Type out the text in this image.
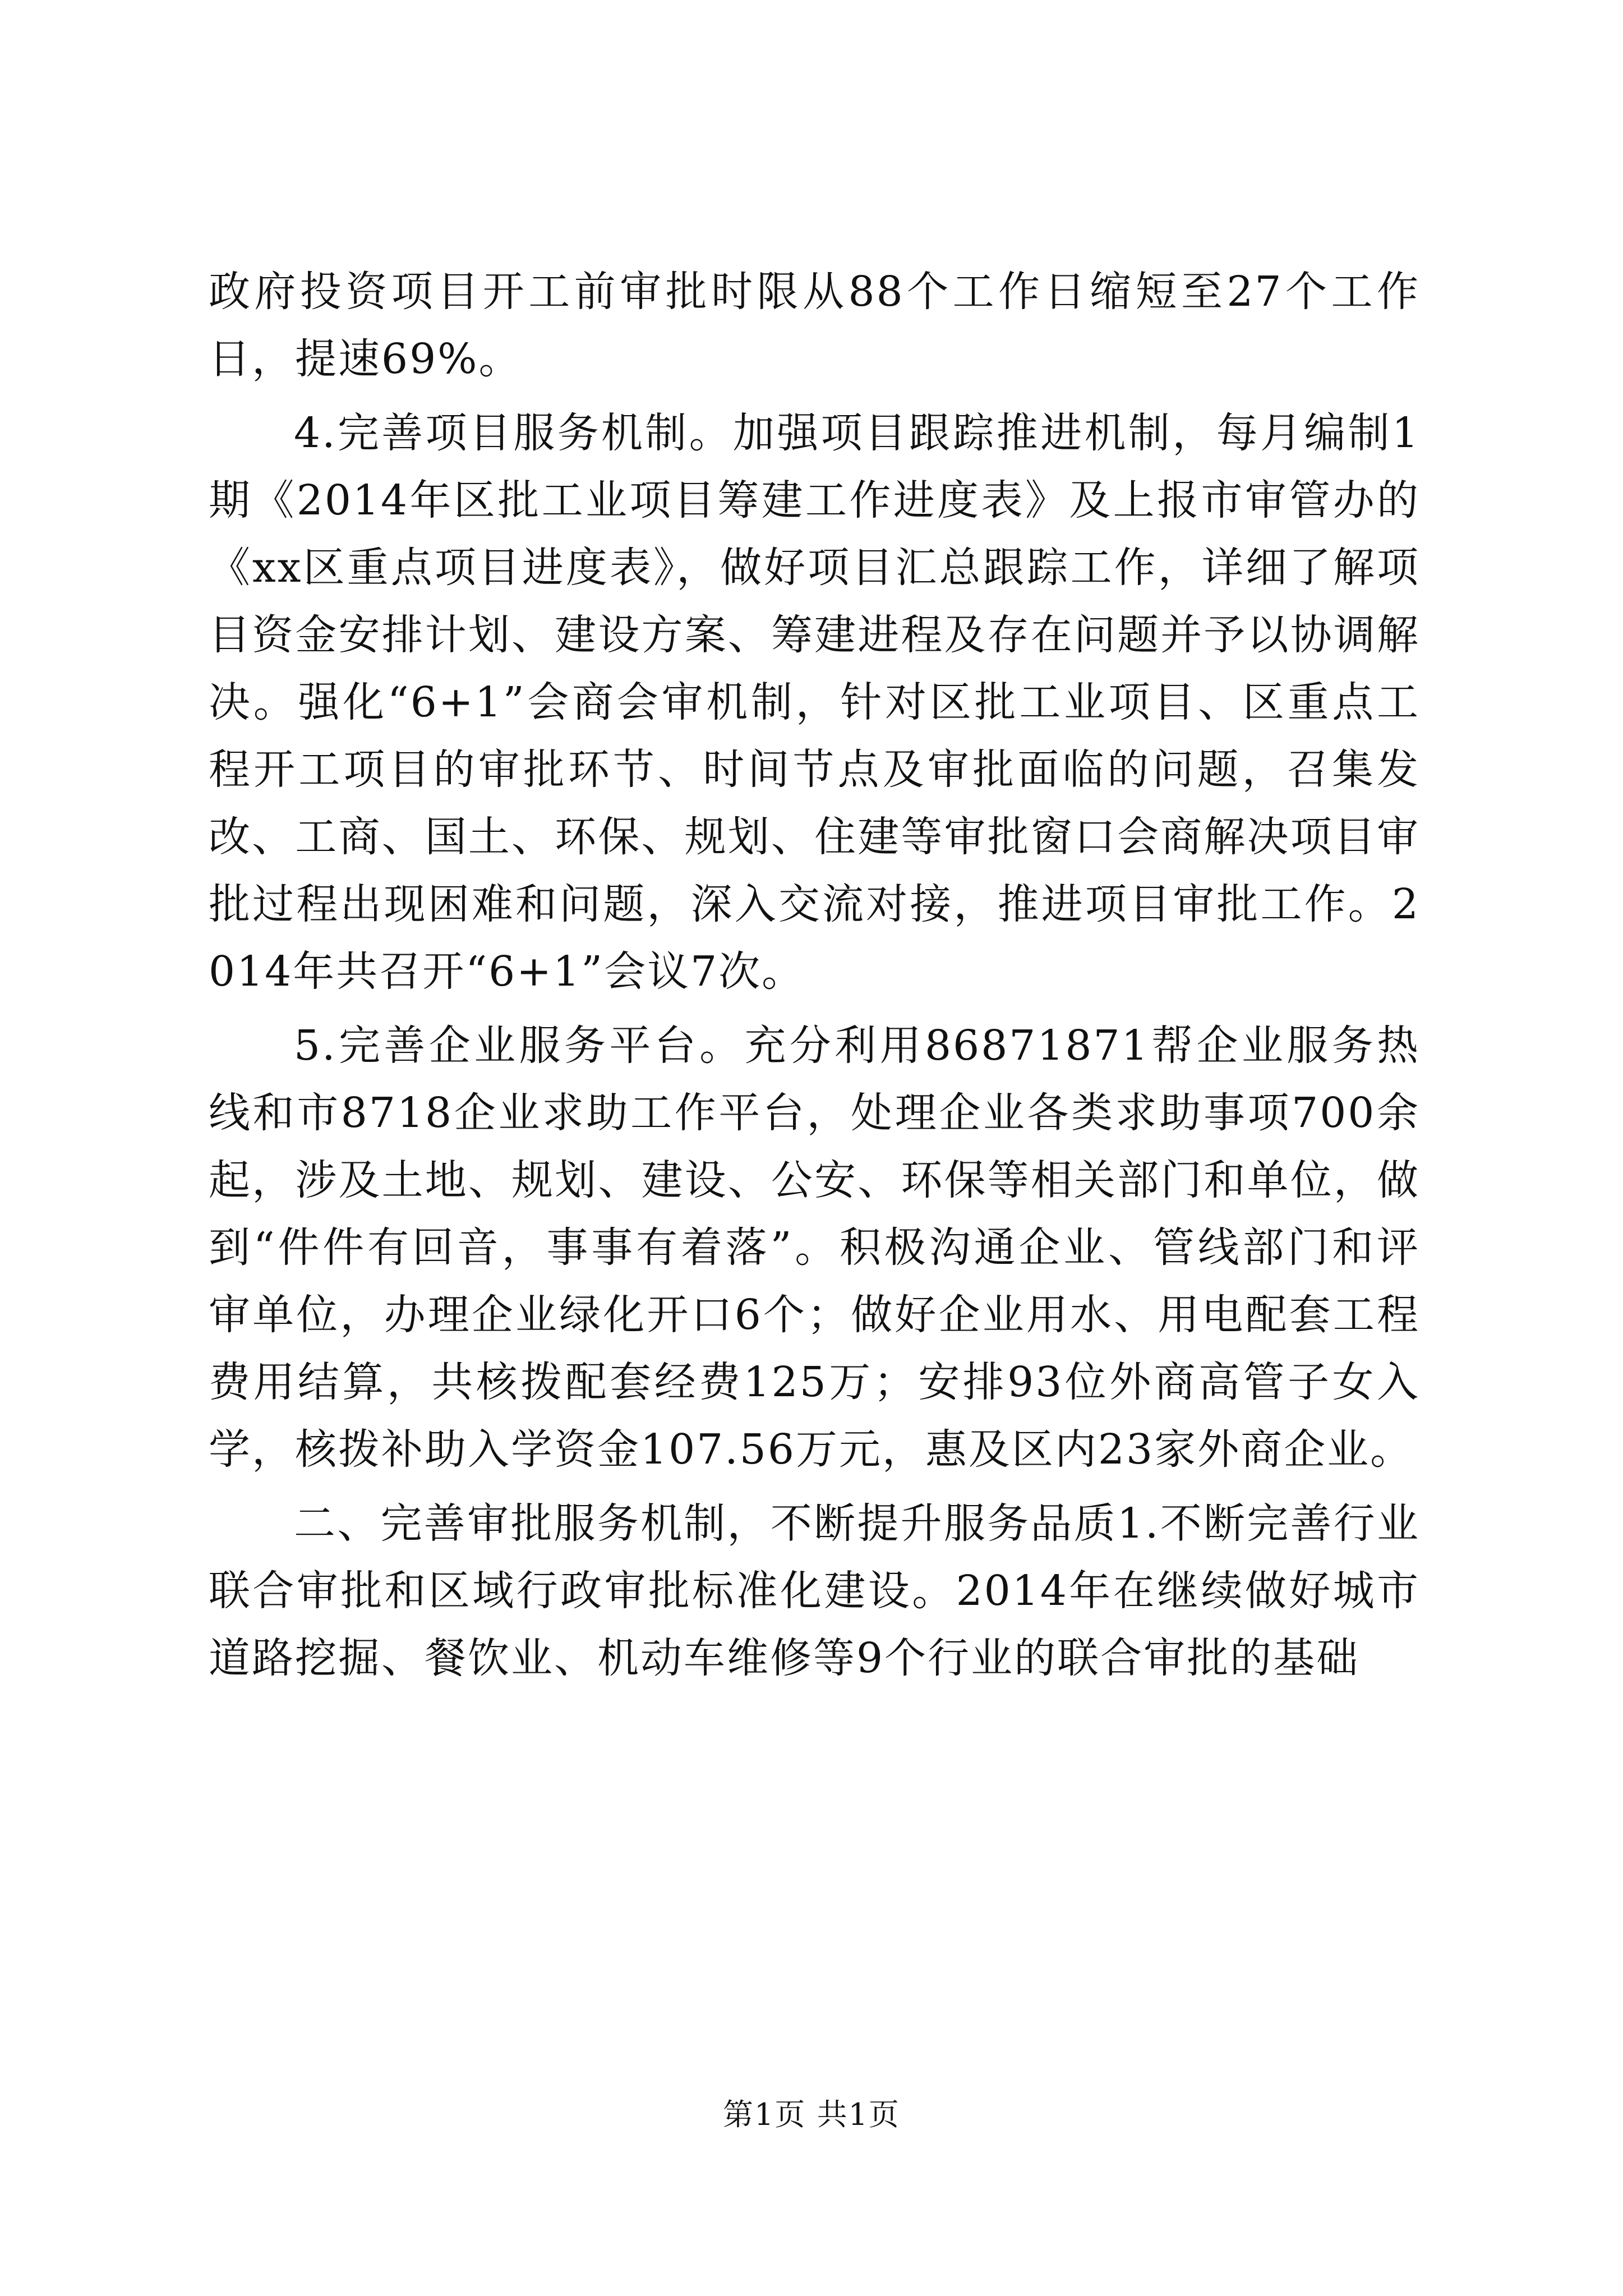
政府投资项目开工前审批时限从88个工作日缩短至27个工作日，提速69%。

4.完善项目服务机制。加强项目跟踪推进机制，每月编制1期《2014年区批工业项目筹建工作进度表》及上报市审管办的《xx区重点项目进度表》，做好项目汇总跟踪工作，详细了解项目资金安排计划、建设方案、筹建进程及存在问题并予以协调解决。强化“6+1”会商会审机制，针对区批工业项目、区重点工程开工项目的审批环节、时间节点及审批面临的问题，召集发改、工商、国土、环保、规划、住建等审批窗口会商解决项目审批过程出现困难和问题，深入交流对接，推进项目审批工作。2014年共召开“6+1”会议7次。

5.完善企业服务平台。充分利用86871871帮企业服务热线和市8718企业求助工作平台，处理企业各类求助事项700余起，涉及土地、规划、建设、公安、环保等相关部门和单位，做到“件件有回音，事事有着落”。积极沟通企业、管线部门和评审单位，办理企业绿化开口6个；做好企业用水、用电配套工程费用结算，共核拨配套经费125万；安排93位外商高管子女入学，核拨补助入学资金107.56万元，惠及区内23家外商企业。

二、完善审批服务机制，不断提升服务品质1.不断完善行业联合审批和区域行政审批标准化建设。2014年在继续做好城市道路挖掘、餐饮业、机动车维修等9个行业的联合审批的基础

第1页 共1页
